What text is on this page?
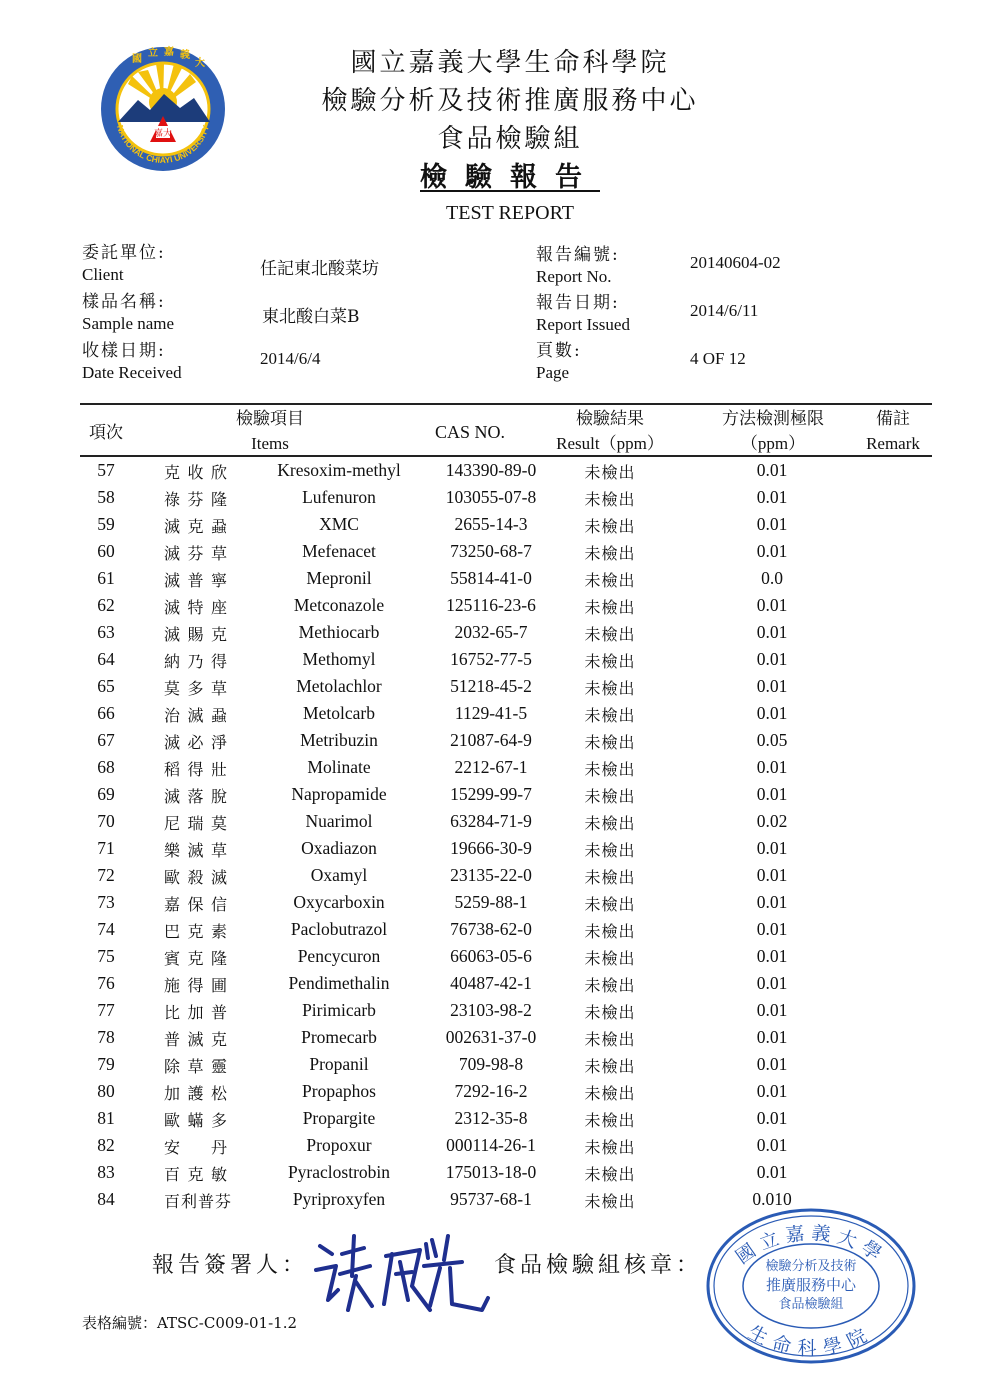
嘉大
國
立 嘉 義
大
NATIONAL CHIAYI UNIVERSITY
國立嘉義大學生命科學院
檢驗分析及技術推廣服務中心
食品檢驗組
檢驗報告
TEST REPORT
委託單位:
Client	任記東北酸菜坊
樣品名稱:
Sample name	東北酸白菜B
收樣日期:
Date Received
2014/6/4
報告編號:
Report No.
20140604-02
報告日期:
Report Issued
2014/6/11
頁數:
Page
4 OF 12
項次
檢驗項目
Items
CAS NO.
檢驗結果
Result（ppm）
方法檢測極限
（ppm）
備註
Remark
57	克收欣	Kresoxim-methyl	143390-89-0	未檢出	0.01
58	祿芬隆	Lufenuron	103055-07-8	未檢出	0.01
59	滅克蝨	XMC	2655-14-3	未檢出	0.01
60	滅芬草	Mefenacet	73250-68-7	未檢出	0.01
61	滅普寧	Mepronil	55814-41-0	未檢出	0.0
62	滅特座	Metconazole	125116-23-6	未檢出	0.01
63	滅賜克	Methiocarb	2032-65-7	未檢出	0.01
64	納乃得	Methomyl	16752-77-5	未檢出	0.01
65	莫多草	Metolachlor	51218-45-2	未檢出	0.01
66	治滅蝨	Metolcarb	1129-41-5	未檢出	0.01
67	滅必淨	Metribuzin	21087-64-9	未檢出	0.05
68	稻得壯	Molinate	2212-67-1	未檢出	0.01
69	滅落脫	Napropamide	15299-99-7	未檢出	0.01
70	尼瑞莫	Nuarimol	63284-71-9	未檢出	0.02
71	樂滅草	Oxadiazon	19666-30-9	未檢出	0.01
72	歐殺滅	Oxamyl	23135-22-0	未檢出	0.01
73	嘉保信	Oxycarboxin	5259-88-1	未檢出	0.01
74	巴克素	Paclobutrazol	76738-62-0	未檢出	0.01
75	賓克隆	Pencycuron	66063-05-6	未檢出	0.01
76	施得圃	Pendimethalin	40487-42-1	未檢出	0.01
77	比加普	Pirimicarb	23103-98-2	未檢出	0.01
78	普滅克	Promecarb	002631-37-0	未檢出	0.01
79	除草靈	Propanil	709-98-8	未檢出	0.01
80	加護松	Propaphos	7292-16-2	未檢出	0.01
81	歐蟎多	Propargite	2312-35-8	未檢出	0.01
82	安丹	Propoxur	000114-26-1	未檢出	0.01
83	百克敏	Pyraclostrobin	175013-18-0	未檢出	0.01
84	百利普芬	Pyriproxyfen	95737-68-1	未檢出	0.010
報告簽署人：	食品檢驗組核章： 國立嘉義大學
生命科學院
檢驗分析及技術
推廣服務中心
食品檢驗組
表格編號：ATSC-C009-01-1.2
